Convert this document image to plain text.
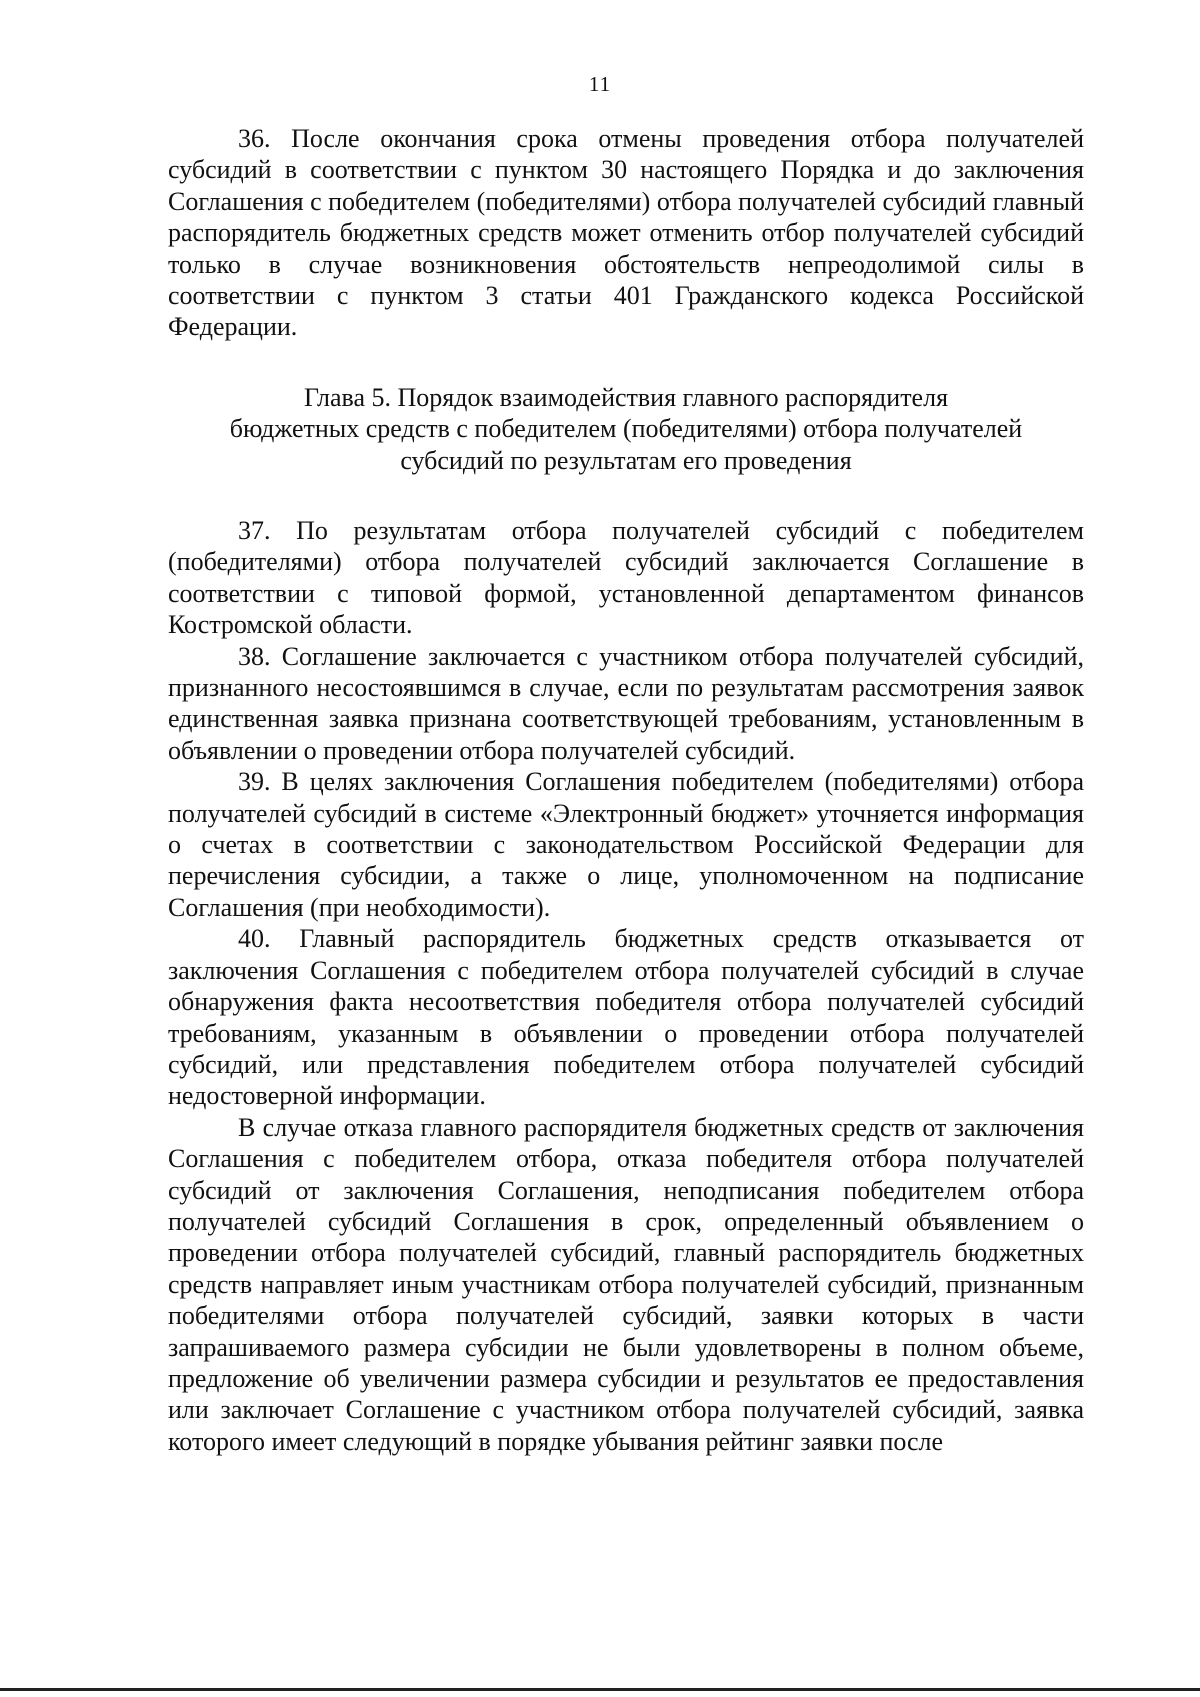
11

36. После окончания срока отмены проведения отбора получателей субсидий в соответствии с пунктом 30 настоящего Порядка и до заключения Соглашения с победителем (победителями) отбора получателей субсидий главный распорядитель бюджетных средств может отменить отбор получателей субсидий только в случае возникновения обстоятельств непреодолимой силы в соответствии с пунктом 3 статьи 401 Гражданского кодекса Российской Федерации.

Глава 5. Порядок взаимодействия главного распорядителя
бюджетных средств с победителем (победителями) отбора получателей
субсидий по результатам его проведения

37. По результатам отбора получателей субсидий с победителем (победителями) отбора получателей субсидий заключается Соглашение в соответствии с типовой формой, установленной департаментом финансов Костромской области.

38. Соглашение заключается с участником отбора получателей субсидий, признанного несостоявшимся в случае, если по результатам рассмотрения заявок единственная заявка признана соответствующей требованиям, установленным в объявлении о проведении отбора получателей субсидий.

39. В целях заключения Соглашения победителем (победителями) отбора получателей субсидий в системе «Электронный бюджет» уточняется информация о счетах в соответствии с законодательством Российской Федерации для перечисления субсидии, а также о лице, уполномоченном на подписание Соглашения (при необходимости).

40. Главный распорядитель бюджетных средств отказывается от заключения Соглашения с победителем отбора получателей субсидий в случае обнаружения факта несоответствия победителя отбора получателей субсидий требованиям, указанным в объявлении о проведении отбора получателей субсидий, или представления победителем отбора получателей субсидий недостоверной информации.

В случае отказа главного распорядителя бюджетных средств от заключения Соглашения с победителем отбора, отказа победителя отбора получателей субсидий от заключения Соглашения, неподписания победителем отбора получателей субсидий Соглашения в срок, определенный объявлением о проведении отбора получателей субсидий, главный распорядитель бюджетных средств направляет иным участникам отбора получателей субсидий, признанным победителями отбора получателей субсидий, заявки которых в части запрашиваемого размера субсидии не были удовлетворены в полном объеме, предложение об увеличении размера субсидии и результатов ее предоставления или заключает Соглашение с участником отбора получателей субсидий, заявка которого имеет следующий в порядке убывания рейтинг заявки после
